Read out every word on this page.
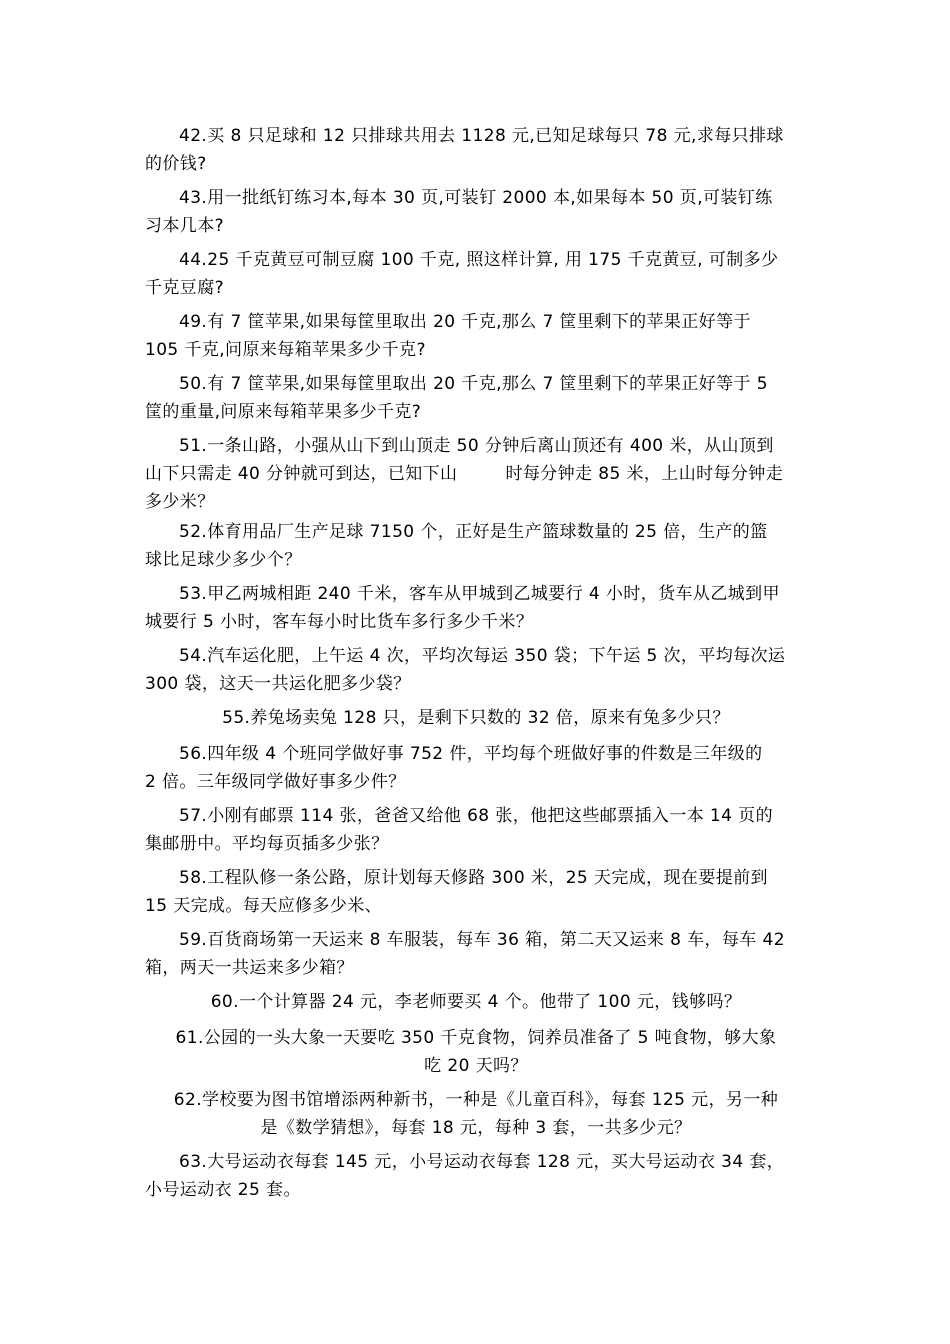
42.买 8 只足球和 12 只排球共用去 1128 元,已知足球每只 78 元,求每只排球
的价钱?

43.用一批纸钉练习本,每本 30 页,可装钉 2000 本,如果每本 50 页,可装钉练
习本几本?

44.25 千克黄豆可制豆腐 100 千克, 照这样计算, 用 175 千克黄豆, 可制多少
千克豆腐?

49.有 7 筐苹果,如果每筐里取出 20 千克,那么 7 筐里剩下的苹果正好等于
105 千克,问原来每箱苹果多少千克?

50.有 7 筐苹果,如果每筐里取出 20 千克,那么 7 筐里剩下的苹果正好等于 5
筐的重量,问原来每箱苹果多少千克?

51.一条山路，小强从山下到山顶走 50 分钟后离山顶还有 400 米，从山顶到
山下只需走 40 分钟就可到达，已知下山	时每分钟走 85 米，上山时每分钟走
多少米？

52.体育用品厂生产足球 7150 个，正好是生产篮球数量的 25 倍，生产的篮
球比足球少多少个？

53.甲乙两城相距 240 千米，客车从甲城到乙城要行 4 小时，货车从乙城到甲
城要行 5 小时，客车每小时比货车多行多少千米？

54.汽车运化肥，上午运 4 次，平均次每运 350 袋；下午运 5 次，平均每次运
300 袋，这天一共运化肥多少袋？

55.养兔场卖兔 128 只，是剩下只数的 32 倍，原来有兔多少只？

56.四年级 4 个班同学做好事 752 件，平均每个班做好事的件数是三年级的
2 倍。三年级同学做好事多少件？

57.小刚有邮票 114 张，爸爸又给他 68 张，他把这些邮票插入一本 14 页的
集邮册中。平均每页插多少张？

58.工程队修一条公路，原计划每天修路 300 米，25 天完成，现在要提前到
15 天完成。每天应修多少米、

59.百货商场第一天运来 8 车服装，每车 36 箱，第二天又运来 8 车，每车 42
箱，两天一共运来多少箱？

60.一个计算器 24 元，李老师要买 4 个。他带了 100 元，钱够吗？

61.公园的一头大象一天要吃 350 千克食物，饲养员准备了 5 吨食物，够大象
吃 20 天吗？

62.学校要为图书馆增添两种新书，一种是《儿童百科》，每套 125 元，另一种
是《数学猜想》，每套 18 元，每种 3 套，一共多少元？

63.大号运动衣每套 145 元，小号运动衣每套 128 元，买大号运动衣 34 套，
小号运动衣 25 套。
